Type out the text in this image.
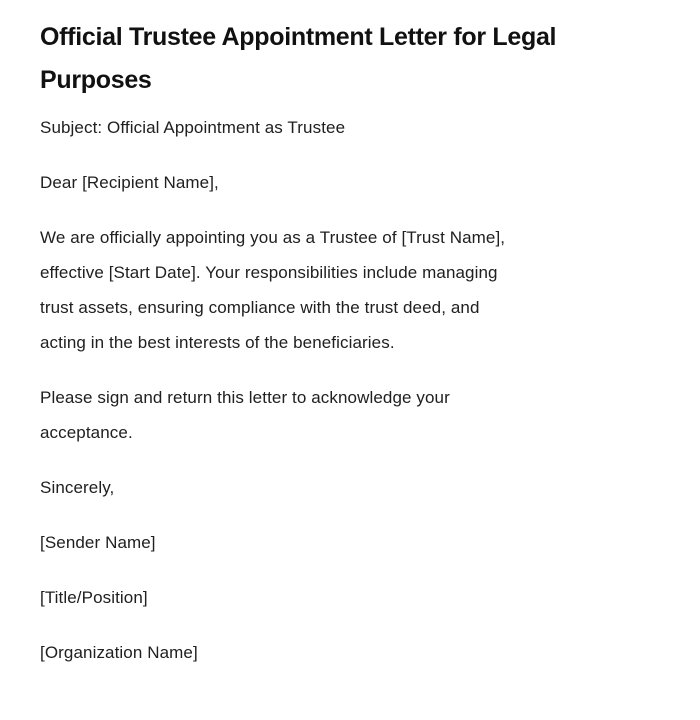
Official Trustee Appointment Letter for Legal
Purposes

Subject: Official Appointment as Trustee

Dear [Recipient Name],

We are officially appointing you as a Trustee of [Trust Name],
effective [Start Date]. Your responsibilities include managing
trust assets, ensuring compliance with the trust deed, and
acting in the best interests of the beneficiaries.

Please sign and return this letter to acknowledge your
acceptance.

Sincerely,

[Sender Name]

[Title/Position]

[Organization Name]
